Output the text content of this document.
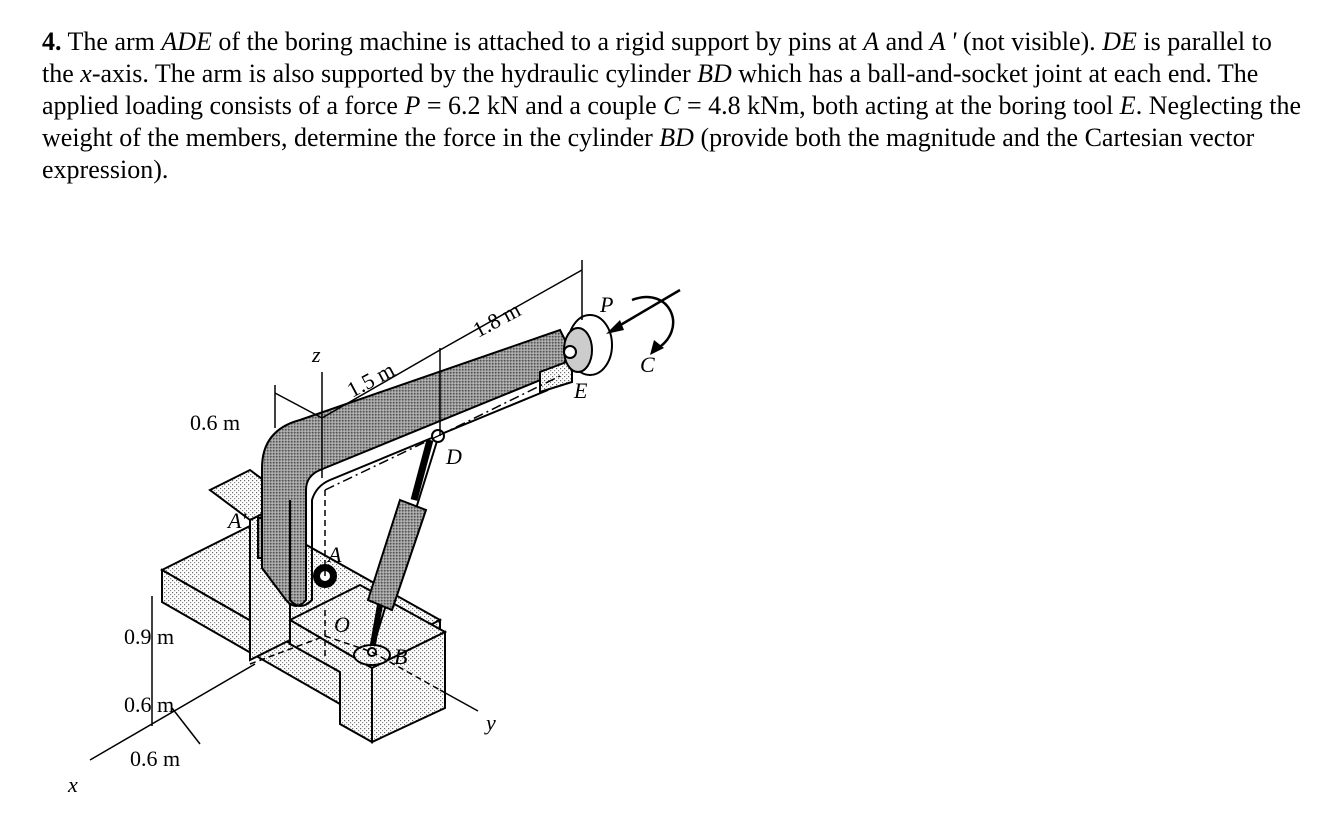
4. The arm ADE of the boring machine is attached to a rigid support by pins at A and A ' (not visible). DE is parallel to the x-axis. The arm is also supported by the hydraulic cylinder BD which has a ball-and-socket joint at each end. The applied loading consists of a force P = 6.2 kN and a couple C = 4.8 kNm, both acting at the boring tool E. Neglecting the weight of the members, determine the force in the cylinder BD (provide both the magnitude and the Cartesian vector expression).

0.6 m
1.5 m
1.8 m
0.9 m
0.6 m
0.6 m
z
x
y
A
A'
O
B
D
E
P
C
